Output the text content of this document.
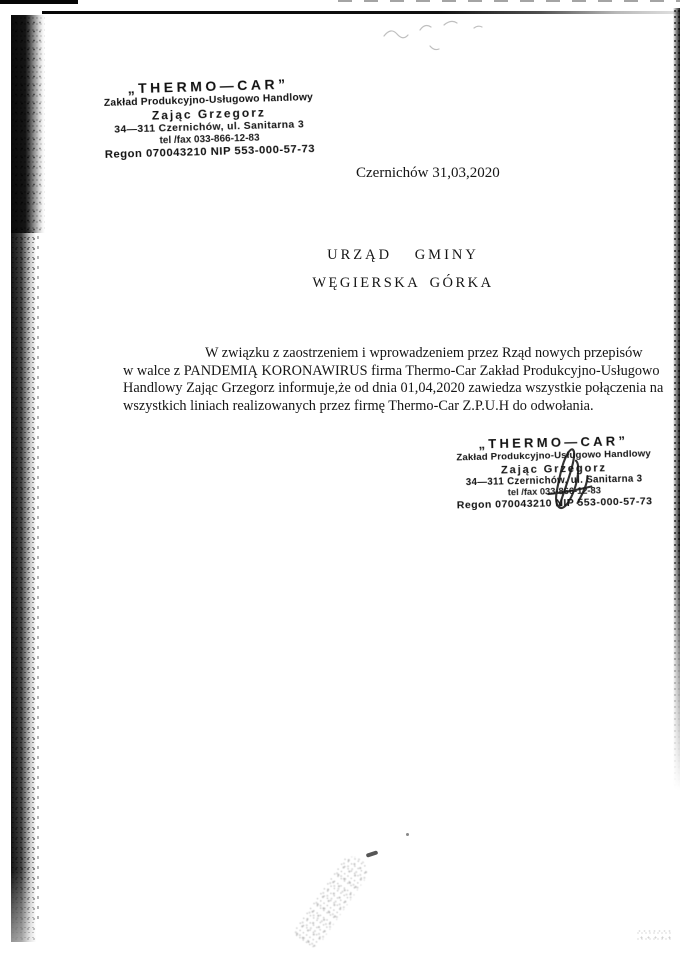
„THERMO—CAR”
Zakład Produkcyjno-Usługowo Handlowy
Zając Grzegorz
34—311 Czernichów, ul. Sanitarna 3
tel /fax 033-866-12-83
Regon 070043210 NIP 553-000-57-73
Czernichów 31,03,2020
URZĄD GMINY
WĘGIERSKA GÓRKA
W związku z zaostrzeniem i wprowadzeniem przez Rząd nowych przepisów
w walce z PANDEMIĄ KORONAWIRUS firma Thermo-Car Zakład Produkcyjno-Usługowo
Handlowy Zając Grzegorz informuje,że od dnia 01,04,2020 zawiedza wszystkie połączenia na
wszystkich liniach realizowanych przez firmę Thermo-Car Z.P.U.H do odwołania.
„THERMO—CAR”
Zakład Produkcyjno-Usługowo Handlowy
Zając Grzegorz
34—311 Czernichów, ul. Sanitarna 3
tel /fax 033-866-12-83
Regon 070043210 NIP 553-000-57-73
